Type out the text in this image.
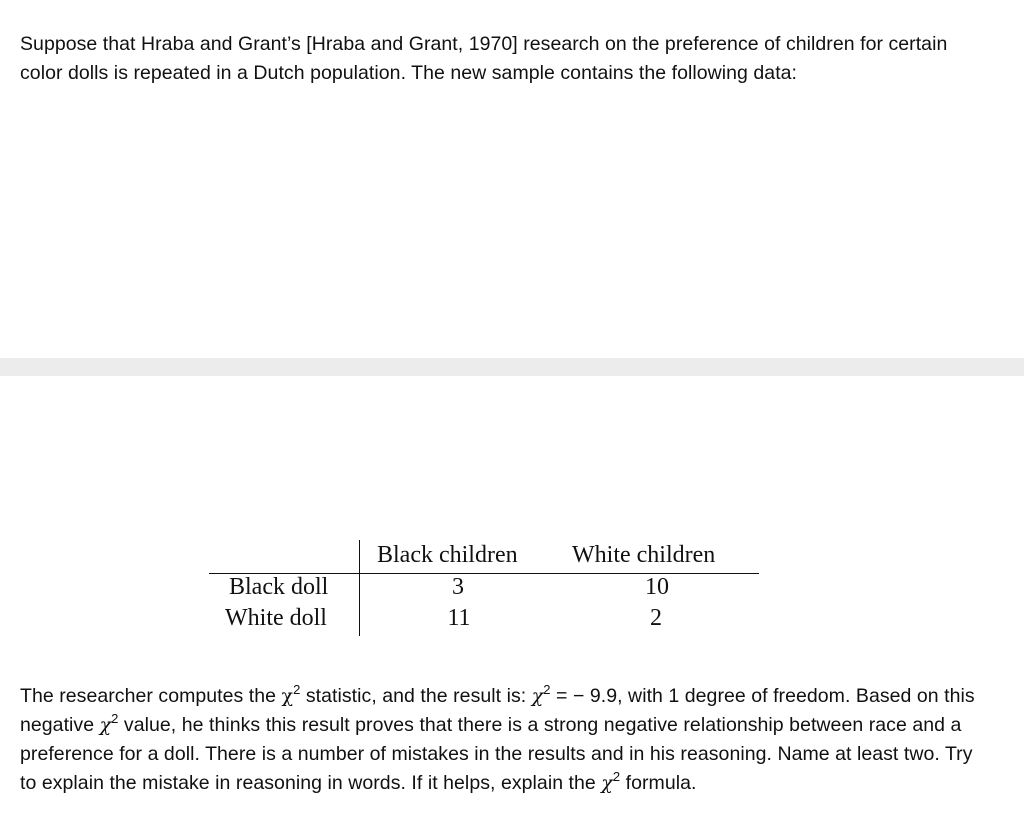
Suppose that Hraba and Grant’s [Hraba and Grant, 1970] research on the preference of children for certain color dolls is repeated in a Dutch population. The new sample contains the following data:

Black children White children
Black doll
White doll
3	10
11	2

The researcher computes the $\chi^2$ statistic, and the result is: $\chi^2$ = − 9.9, with 1 degree of freedom. Based on this negative $\chi^2$ value, he thinks this result proves that there is a strong negative relationship between race and a preference for a doll. There is a number of mistakes in the results and in his reasoning. Name at least two. Try to explain the mistake in reasoning in words. If it helps, explain the $\chi^2$ formula.
